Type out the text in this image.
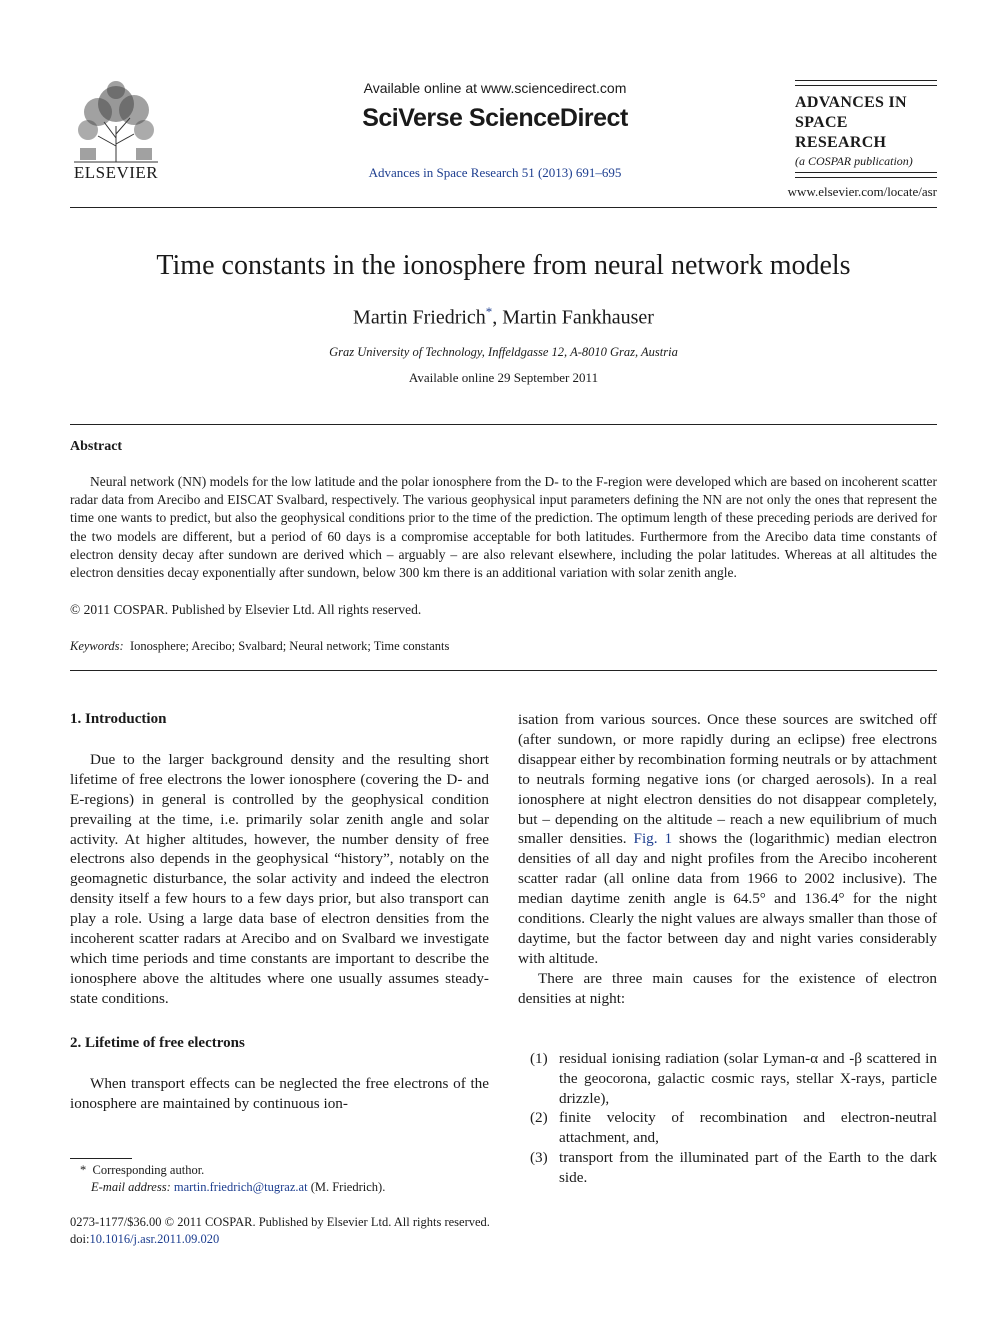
ELSEVIER
Available online at www.sciencedirect.com
SciVerse ScienceDirect
Advances in Space Research 51 (2013) 691–695
ADVANCES IN
SPACE
RESEARCH
(a COSPAR publication)
www.elsevier.com/locate/asr
Time constants in the ionosphere from neural network models
Martin Friedrich*, Martin Fankhauser
Graz University of Technology, Inffeldgasse 12, A-8010 Graz, Austria
Available online 29 September 2011
Abstract

Neural network (NN) models for the low latitude and the polar ionosphere from the D- to the F-region were developed which are based on incoherent scatter radar data from Arecibo and EISCAT Svalbard, respectively. The various geophysical input parameters defining the NN are not only the ones that represent the time one wants to predict, but also the geophysical conditions prior to the time of the prediction. The optimum length of these preceding periods are derived for the two models are different, but a period of 60 days is a compromise acceptable for both latitudes. Furthermore from the Arecibo data time constants of electron density decay after sundown are derived which – arguably – are also relevant elsewhere, including the polar latitudes. Whereas at all altitudes the electron densities decay exponentially after sundown, below 300 km there is an additional variation with solar zenith angle.

© 2011 COSPAR. Published by Elsevier Ltd. All rights reserved.
Keywords: Ionosphere; Arecibo; Svalbard; Neural network; Time constants
1. Introduction

Due to the larger background density and the resulting short lifetime of free electrons the lower ionosphere (covering the D- and E-regions) in general is controlled by the geophysical condition prevailing at the time, i.e. primarily solar zenith angle and solar activity. At higher altitudes, however, the number density of free electrons also depends in the geophysical “history”, notably on the geomagnetic disturbance, the solar activity and indeed the electron density itself a few hours to a few days prior, but also transport can play a role. Using a large data base of electron densities from the incoherent scatter radars at Arecibo and on Svalbard we investigate which time periods and time constants are important to describe the ionosphere above the altitudes where one usually assumes steady-state conditions.

2. Lifetime of free electrons

When transport effects can be neglected the free electrons of the ionosphere are maintained by continuous ion-

isation from various sources. Once these sources are switched off (after sundown, or more rapidly during an eclipse) free electrons disappear either by recombination forming neutrals or by attachment to neutrals forming negative ions (or charged aerosols). In a real ionosphere at night electron densities do not disappear completely, but – depending on the altitude – reach a new equilibrium of much smaller densities. Fig. 1 shows the (logarithmic) median electron densities of all day and night profiles from the Arecibo incoherent scatter radar (all online data from 1966 to 2002 inclusive). The median daytime zenith angle is 64.5° and 136.4° for the night conditions. Clearly the night values are always smaller than those of daytime, but the factor between day and night varies considerably with altitude.

There are three main causes for the existence of electron densities at night:

(1) residual ionising radiation (solar Lyman-α and -β scattered in the geocorona, galactic cosmic rays, stellar X-rays, particle drizzle),
(2) finite velocity of recombination and electron-neutral attachment, and,
(3) transport from the illuminated part of the Earth to the dark side.
* Corresponding author.
E-mail address: martin.friedrich@tugraz.at (M. Friedrich).
0273-1177/$36.00 © 2011 COSPAR. Published by Elsevier Ltd. All rights reserved.
doi:10.1016/j.asr.2011.09.020
